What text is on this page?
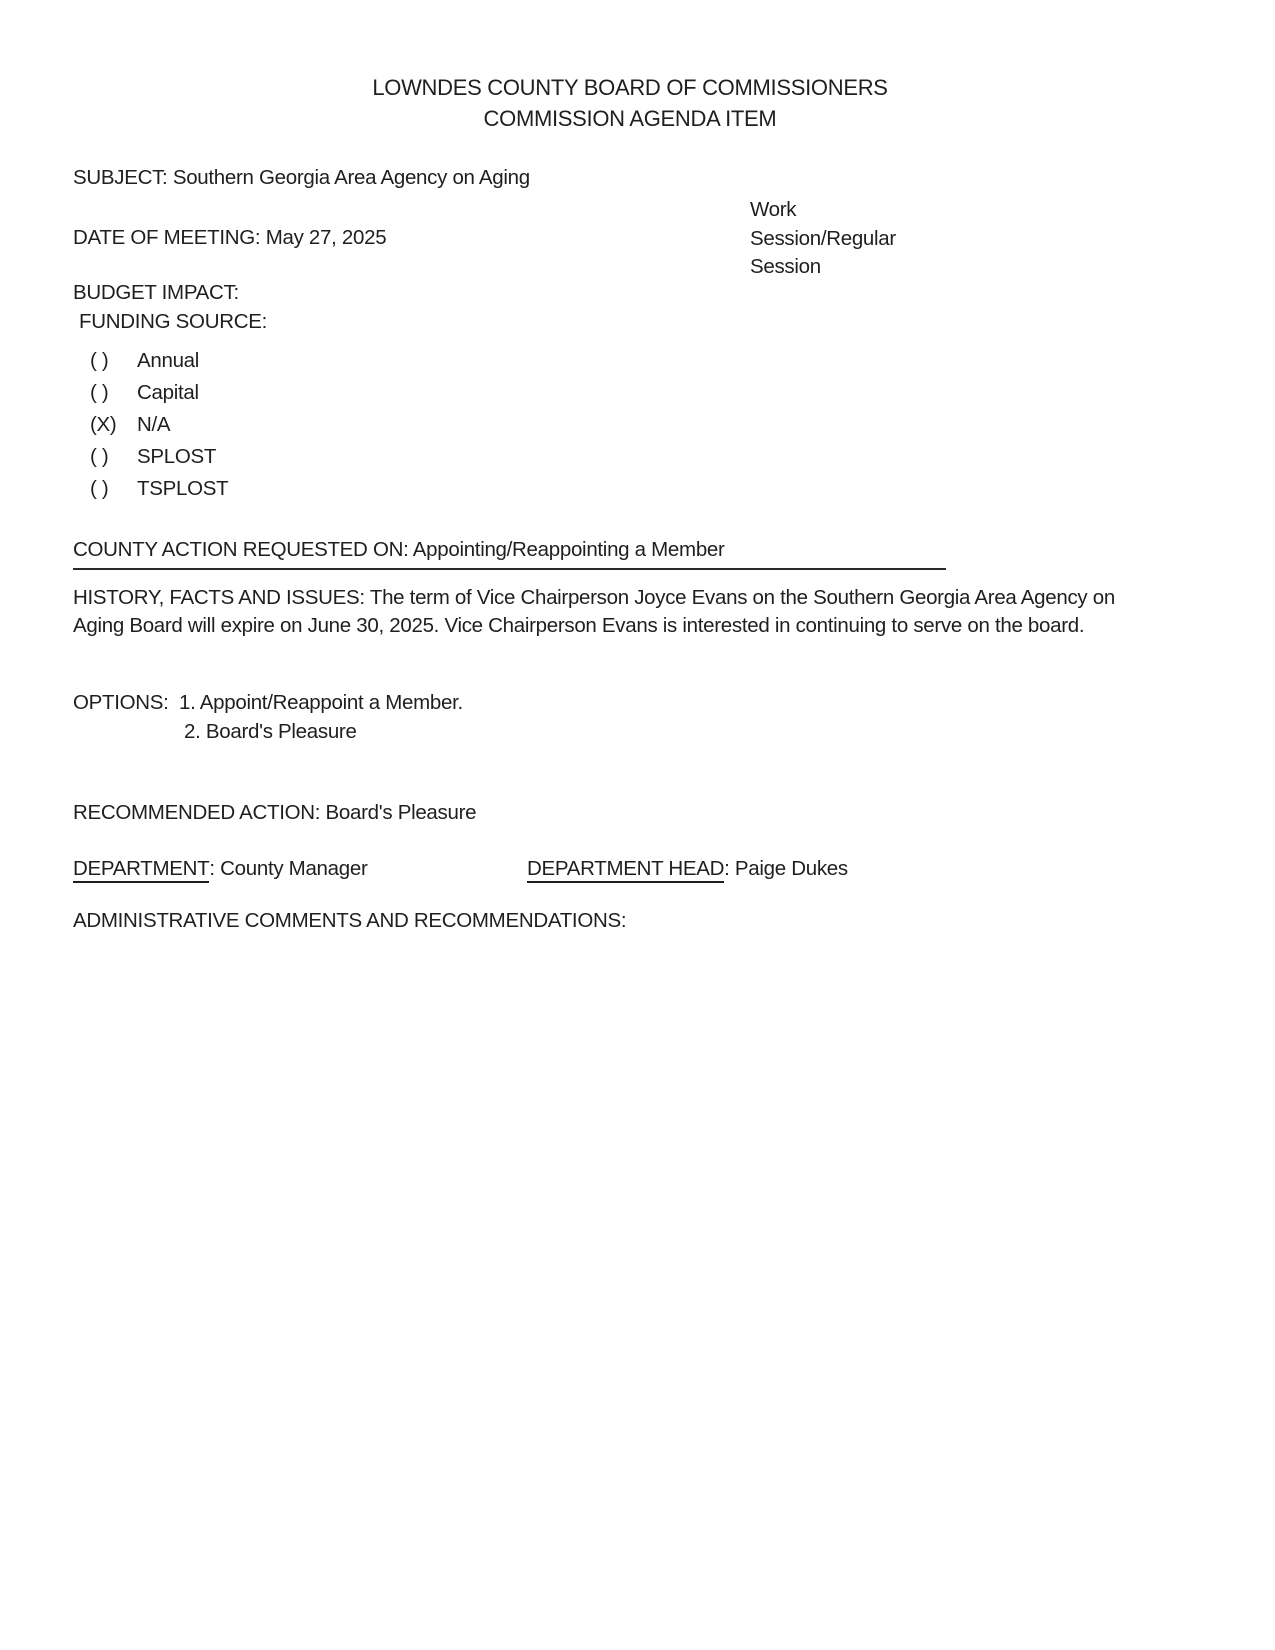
LOWNDES COUNTY BOARD OF COMMISSIONERS
COMMISSION AGENDA ITEM
SUBJECT: Southern Georgia Area Agency on Aging
Work Session/Regular Session
DATE OF MEETING: May 27, 2025
BUDGET IMPACT:
FUNDING SOURCE:
( )	Annual
( )	Capital
(X)	N/A
( )	SPLOST
( )	TSPLOST
COUNTY ACTION REQUESTED ON: Appointing/Reappointing a Member
HISTORY, FACTS AND ISSUES: The term of Vice Chairperson Joyce Evans on the Southern Georgia Area Agency on Aging Board will expire on June 30, 2025. Vice Chairperson Evans is interested in continuing to serve on the board.
OPTIONS: 1. Appoint/Reappoint a Member.
2. Board's Pleasure
RECOMMENDED ACTION: Board's Pleasure
DEPARTMENT: County Manager	DEPARTMENT HEAD: Paige Dukes
ADMINISTRATIVE COMMENTS AND RECOMMENDATIONS:
